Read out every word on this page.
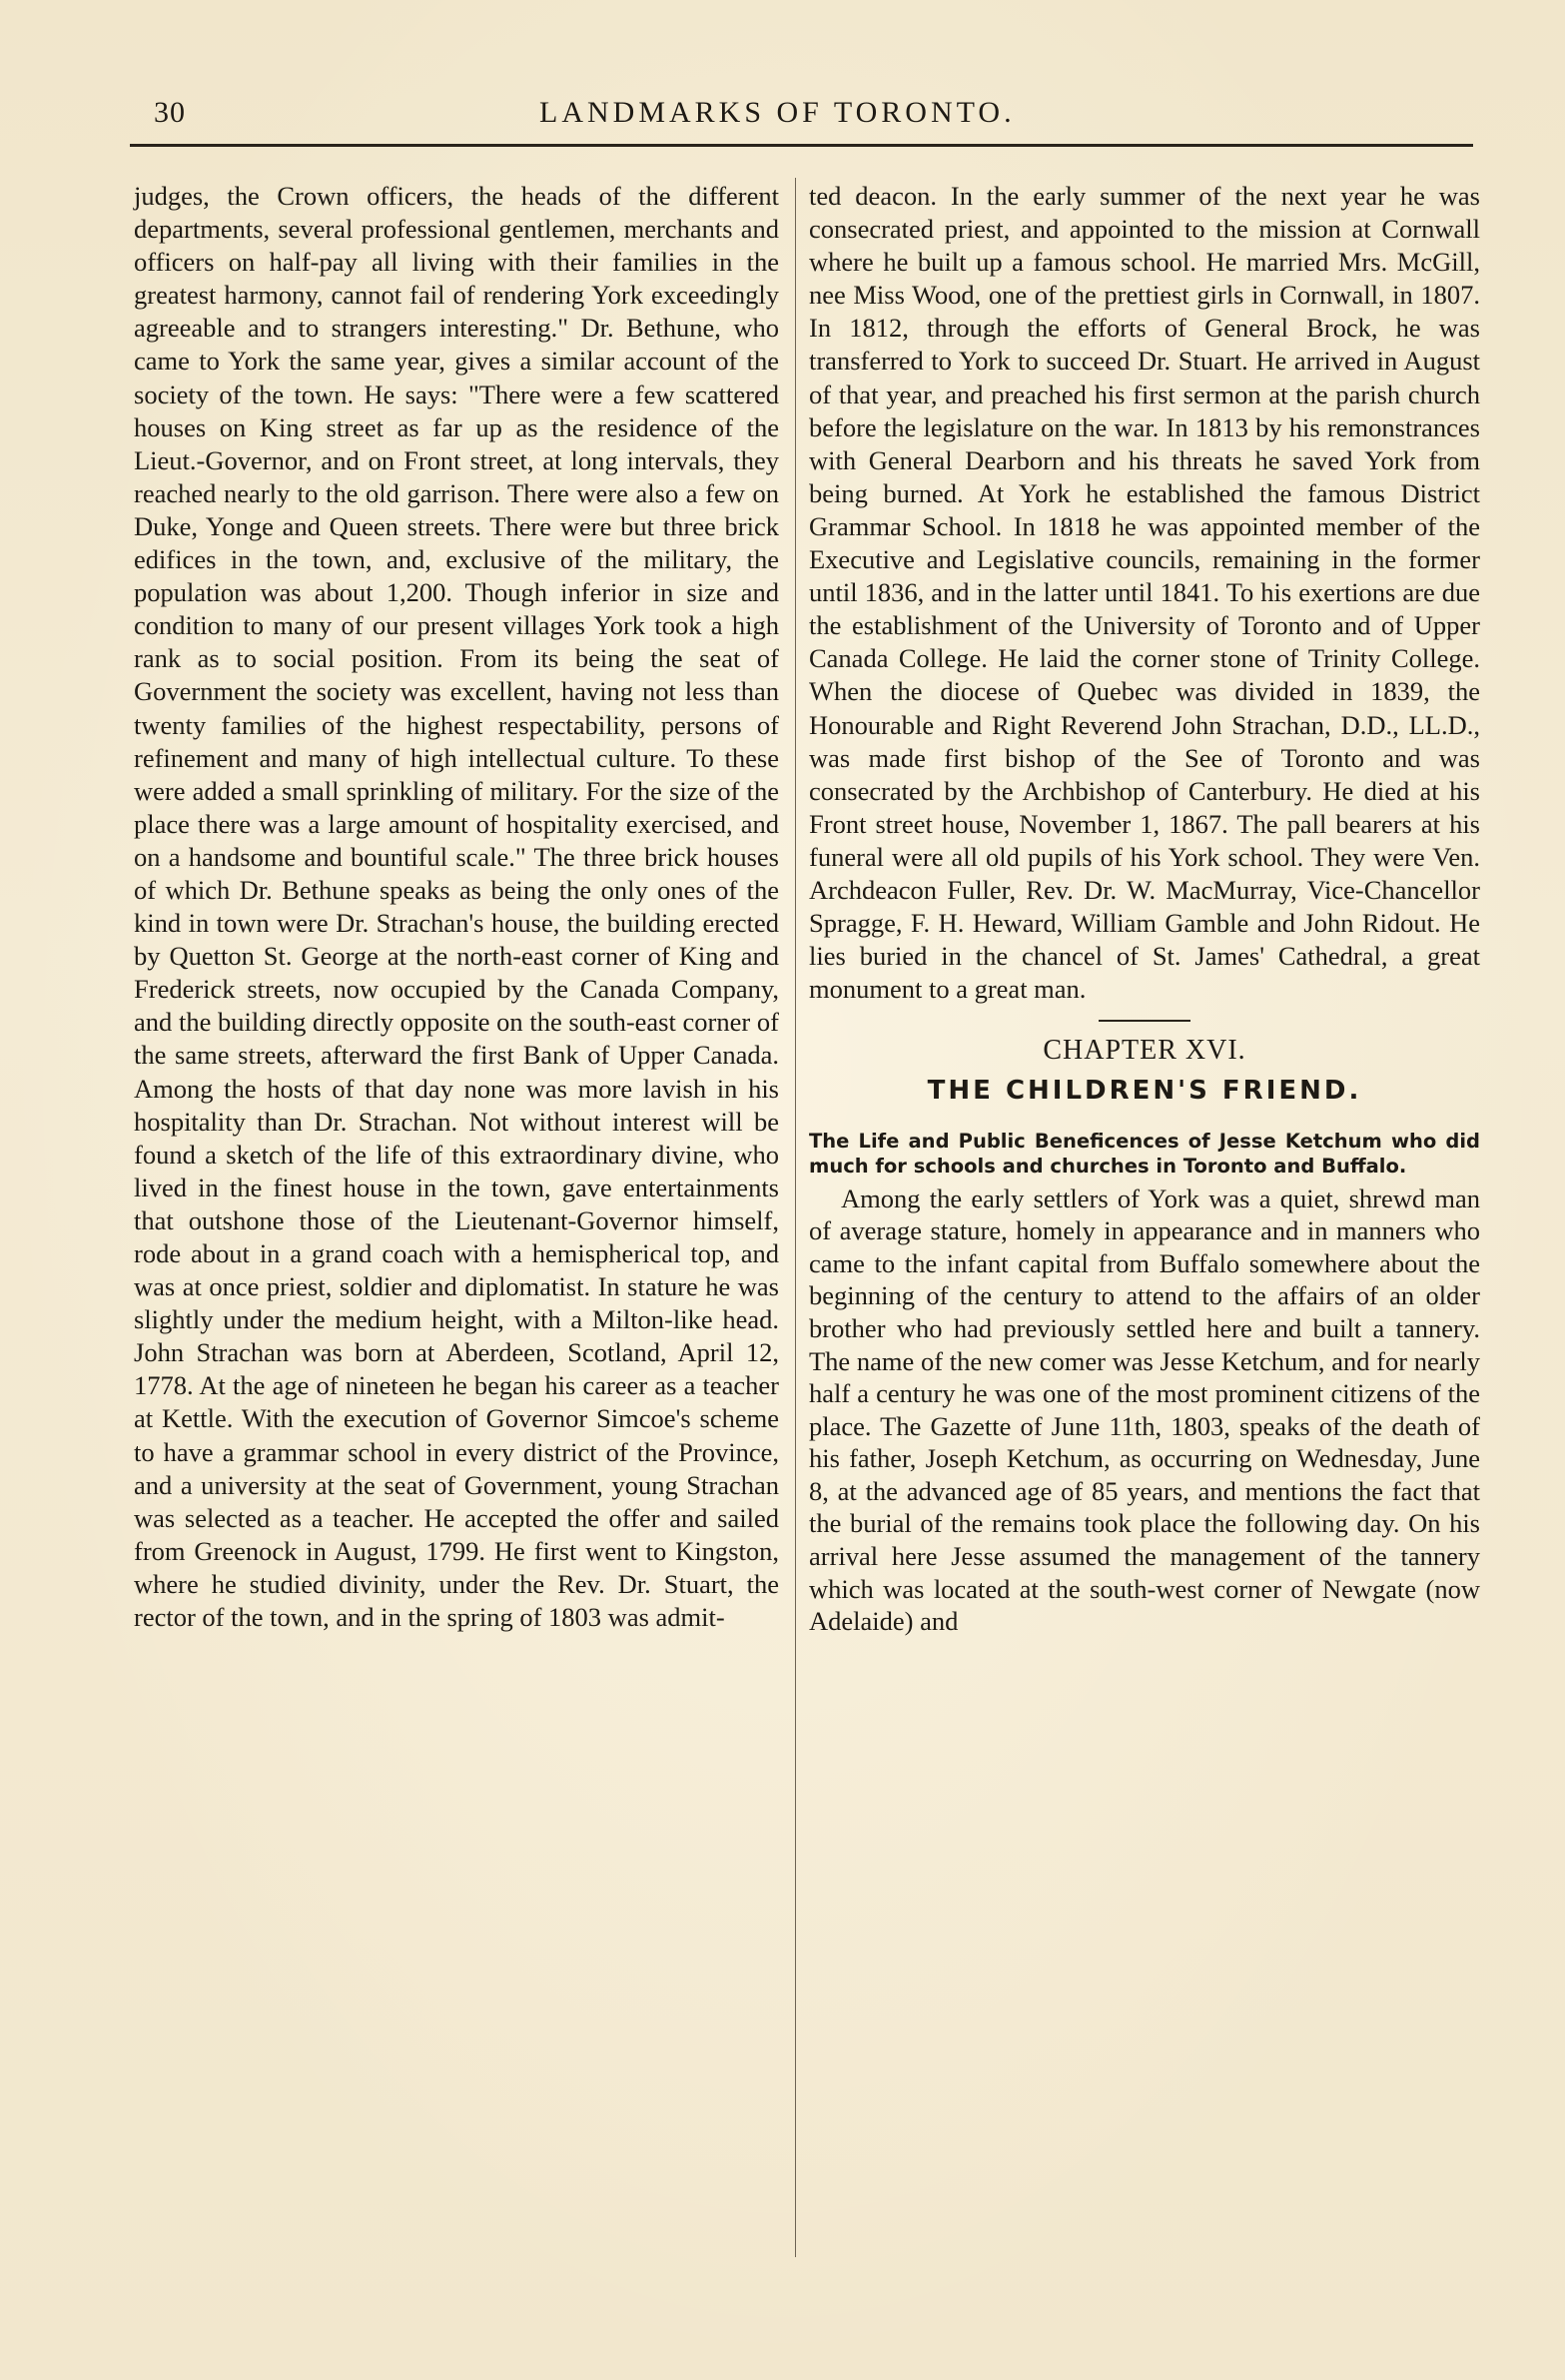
30	LANDMARKS OF TORONTO.

judges, the Crown officers, the heads of the different departments, several professional gentlemen, merchants and officers on half-pay all living with their families in the greatest harmony, cannot fail of rendering York exceedingly agreeable and to strangers interesting." Dr. Bethune, who came to York the same year, gives a similar account of the society of the town. He says: "There were a few scattered houses on King street as far up as the residence of the Lieut.-Governor, and on Front street, at long intervals, they reached nearly to the old garrison. There were also a few on Duke, Yonge and Queen streets. There were but three brick edifices in the town, and, exclusive of the military, the population was about 1,200. Though inferior in size and condition to many of our present villages York took a high rank as to social position. From its being the seat of Government the society was excellent, having not less than twenty families of the highest respectability, persons of refinement and many of high intellectual culture. To these were added a small sprinkling of military. For the size of the place there was a large amount of hospitality exercised, and on a handsome and bountiful scale." The three brick houses of which Dr. Bethune speaks as being the only ones of the kind in town were Dr. Strachan's house, the building erected by Quetton St. George at the north-east corner of King and Frederick streets, now occupied by the Canada Company, and the building directly opposite on the south-east corner of the same streets, afterward the first Bank of Upper Canada. Among the hosts of that day none was more lavish in his hospitality than Dr. Strachan. Not without interest will be found a sketch of the life of this extraordinary divine, who lived in the finest house in the town, gave entertainments that outshone those of the Lieutenant-Governor himself, rode about in a grand coach with a hemispherical top, and was at once priest, soldier and diplomatist. In stature he was slightly under the medium height, with a Milton-like head. John Strachan was born at Aberdeen, Scotland, April 12, 1778. At the age of nineteen he began his career as a teacher at Kettle. With the execution of Governor Simcoe's scheme to have a grammar school in every district of the Province, and a university at the seat of Government, young Strachan was selected as a teacher. He accepted the offer and sailed from Greenock in August, 1799. He first went to Kingston, where he studied divinity, under the Rev. Dr. Stuart, the rector of the town, and in the spring of 1803 was admit-

ted deacon. In the early summer of the next year he was consecrated priest, and appointed to the mission at Cornwall where he built up a famous school. He married Mrs. McGill, nee Miss Wood, one of the prettiest girls in Cornwall, in 1807. In 1812, through the efforts of General Brock, he was transferred to York to succeed Dr. Stuart. He arrived in August of that year, and preached his first sermon at the parish church before the legislature on the war. In 1813 by his remonstrances with General Dearborn and his threats he saved York from being burned. At York he established the famous District Grammar School. In 1818 he was appointed member of the Executive and Legislative councils, remaining in the former until 1836, and in the latter until 1841. To his exertions are due the establishment of the University of Toronto and of Upper Canada College. He laid the corner stone of Trinity College. When the diocese of Quebec was divided in 1839, the Honourable and Right Reverend John Strachan, D.D., LL.D., was made first bishop of the See of Toronto and was consecrated by the Archbishop of Canterbury. He died at his Front street house, November 1, 1867. The pall bearers at his funeral were all old pupils of his York school. They were Ven. Archdeacon Fuller, Rev. Dr. W. MacMurray, Vice-Chancellor Spragge, F. H. Heward, William Gamble and John Ridout. He lies buried in the chancel of St. James' Cathedral, a great monument to a great man.

CHAPTER XVI.
THE CHILDREN'S FRIEND.
The Life and Public Beneficences of Jesse Ketchum who did much for schools and churches in Toronto and Buffalo.

Among the early settlers of York was a quiet, shrewd man of average stature, homely in appearance and in manners who came to the infant capital from Buffalo somewhere about the beginning of the century to attend to the affairs of an older brother who had previously settled here and built a tannery. The name of the new comer was Jesse Ketchum, and for nearly half a century he was one of the most prominent citizens of the place. The Gazette of June 11th, 1803, speaks of the death of his father, Joseph Ketchum, as occurring on Wednesday, June 8, at the advanced age of 85 years, and mentions the fact that the burial of the remains took place the following day. On his arrival here Jesse assumed the management of the tannery which was located at the south-west corner of Newgate (now Adelaide) and
